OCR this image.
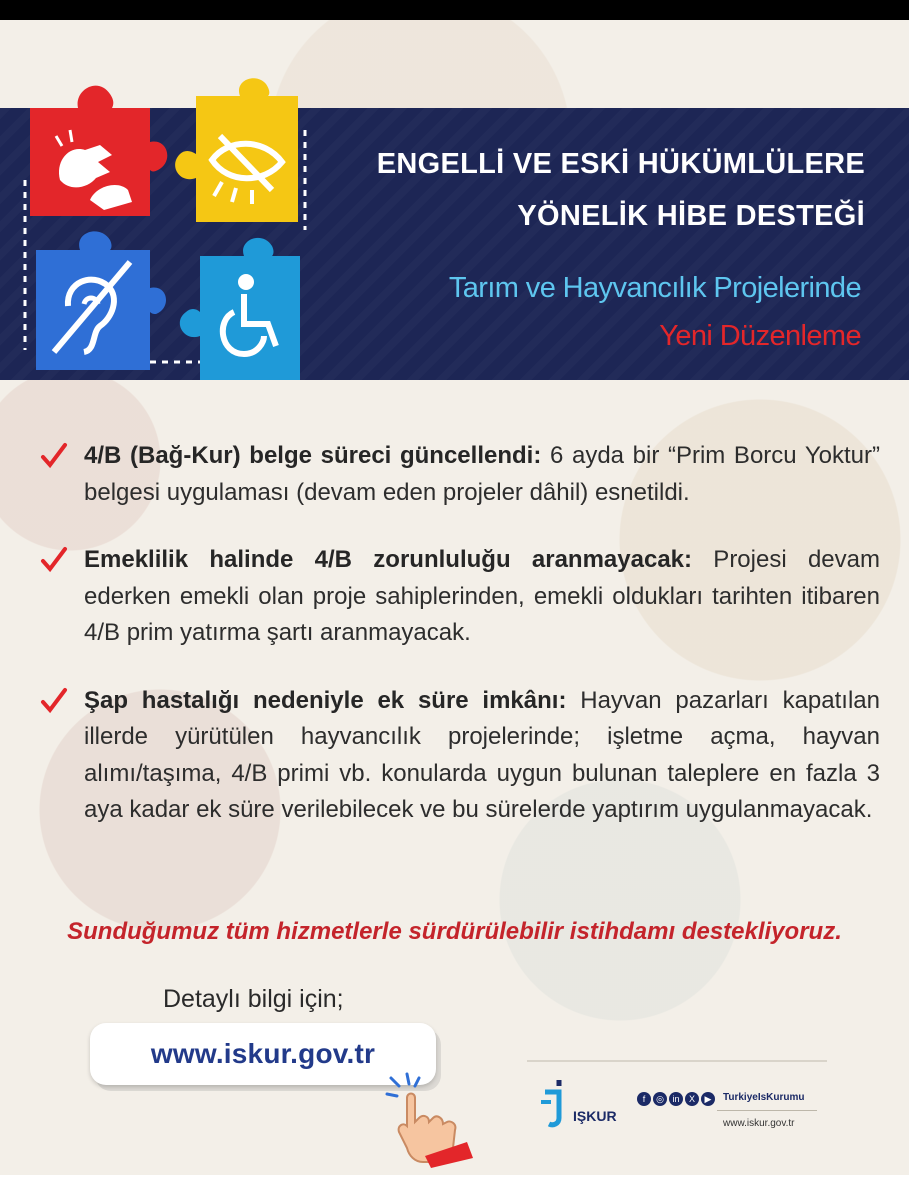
ENGELLİ VE ESKİ HÜKÜMLÜLERE
YÖNELİK HİBE DESTEĞİ

Tarım ve Hayvancılık Projelerinde

Yeni Düzenleme

4/B (Bağ-Kur) belge süreci güncellendi: 6 ayda bir “Prim Borcu Yoktur” belgesi uygulaması (devam eden projeler dâhil) esnetildi.
Emeklilik halinde 4/B zorunluluğu aranmayacak: Projesi devam ederken emekli olan proje sahiplerinden, emekli oldukları tarihten itibaren 4/B prim yatırma şartı aranmayacak.
Şap hastalığı nedeniyle ek süre imkânı: Hayvan pazarları kapatılan illerde yürütülen hayvancılık projelerinde; işletme açma, hayvan alımı/taşıma, 4/B primi vb. konularda uygun bulunan taleplere en fazla 3 aya kadar ek süre verilebilecek ve bu sürelerde yaptırım uygulanmayacak.

Sunduğumuz tüm hizmetlerle sürdürülebilir istihdamı destekliyoruz.

Detaylı bilgi için;

www.iskur.gov.tr

IŞKUR

f	◎ in	X	▶	TurkiyeIsKurumu

www.iskur.gov.tr
